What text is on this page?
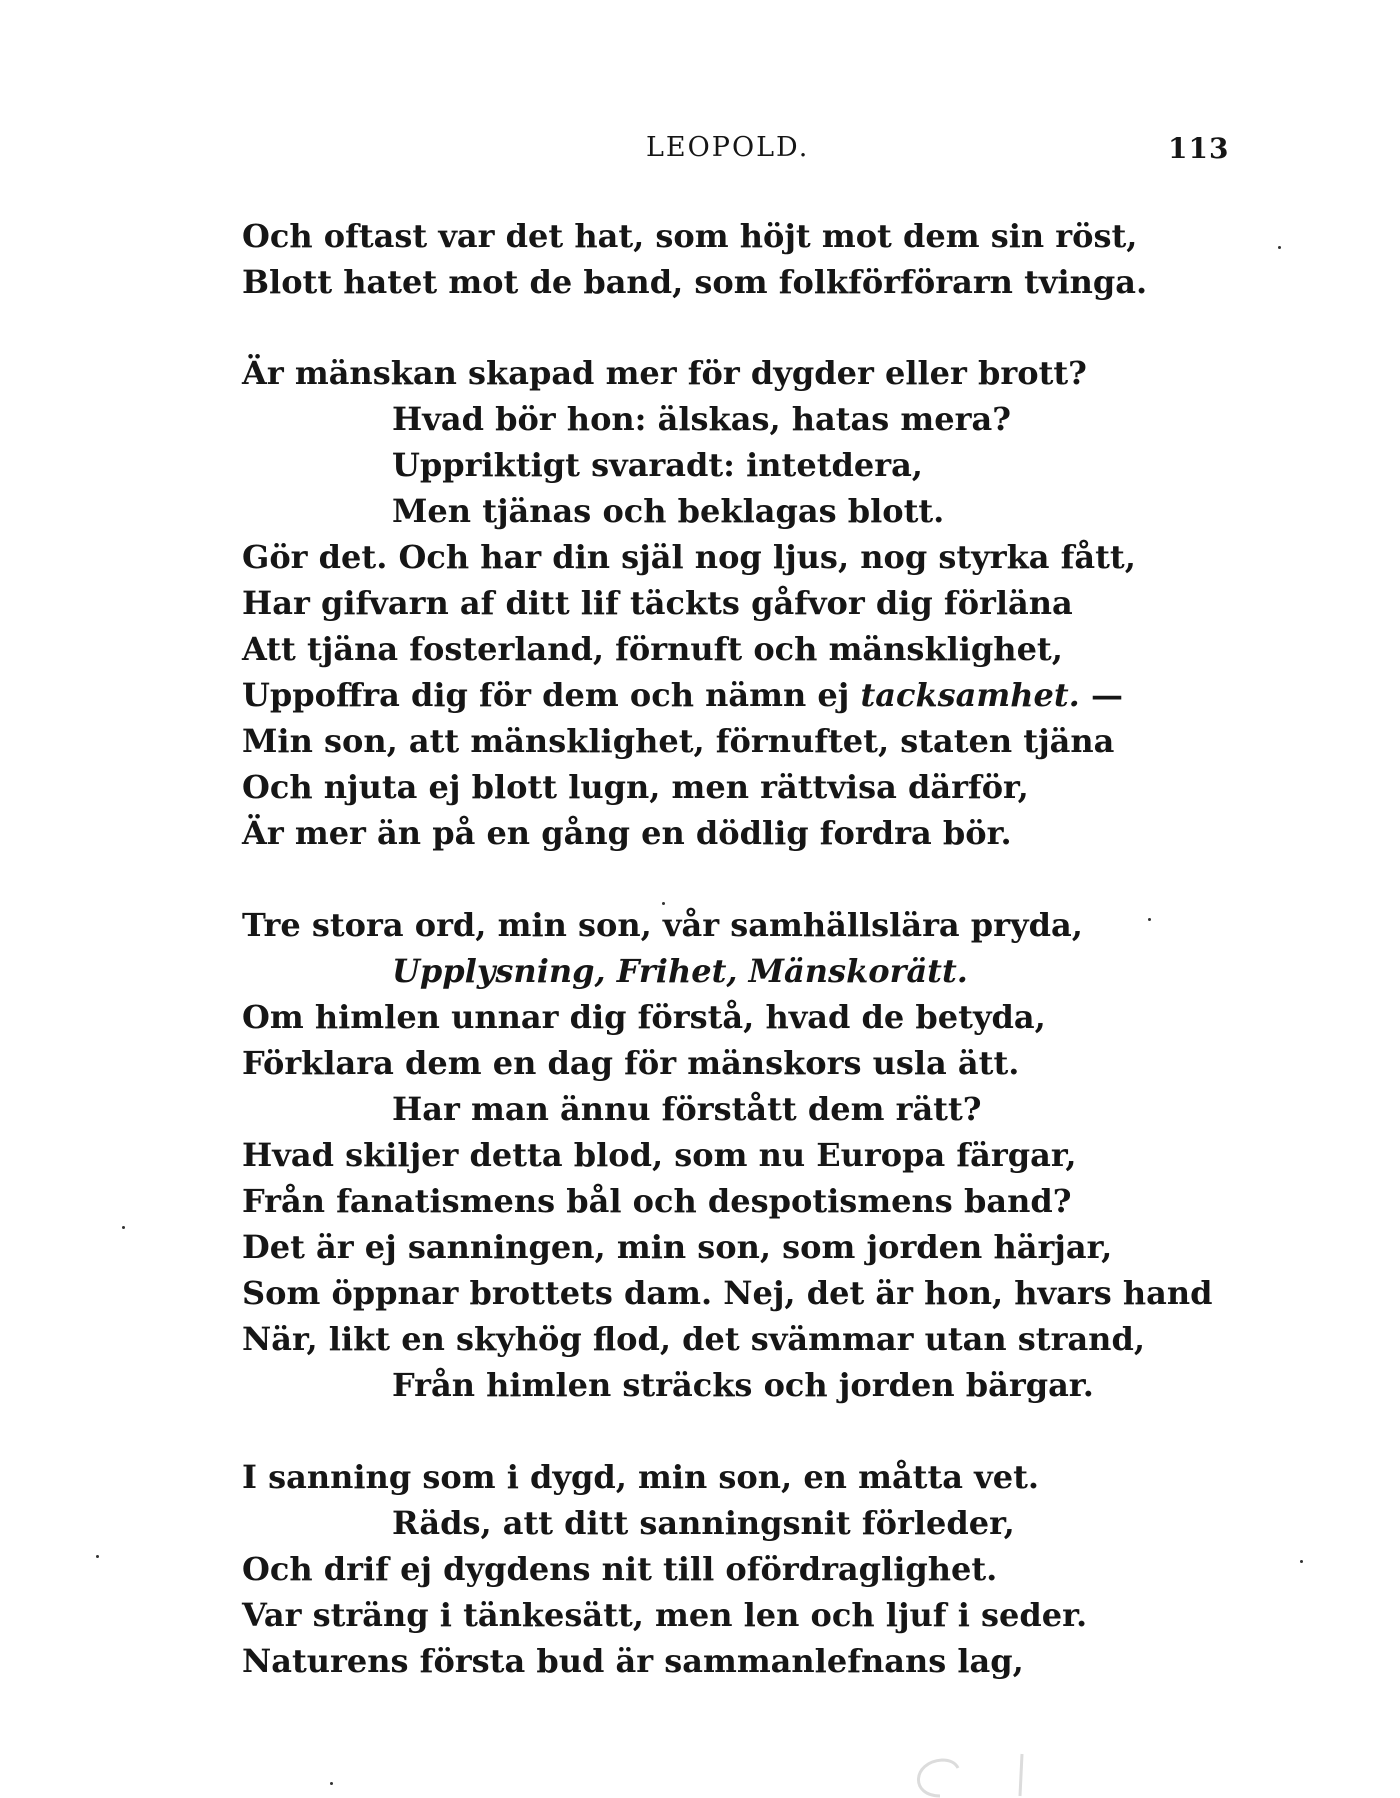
LEOPOLD.	113
Och oftast var det hat, som höjt mot dem sin röst,
Blott hatet mot de band, som folkförförarn tvinga.
Är mänskan skapad mer för dygder eller brott?
Hvad bör hon: älskas, hatas mera?
Uppriktigt svaradt: intetdera,
Men tjänas och beklagas blott.
Gör det. Och har din själ nog ljus, nog styrka fått,
Har gifvarn af ditt lif täckts gåfvor dig förläna
Att tjäna fosterland, förnuft och mänsklighet,
Uppoffra dig för dem och nämn ej tacksamhet. —
Min son, att mänsklighet, förnuftet, staten tjäna
Och njuta ej blott lugn, men rättvisa därför,
Är mer än på en gång en dödlig fordra bör.
Tre stora ord, min son, vår samhällslära pryda,
Upplysning, Frihet, Mänskorätt.
Om himlen unnar dig förstå, hvad de betyda,
Förklara dem en dag för mänskors usla ätt.
Har man ännu förstått dem rätt?
Hvad skiljer detta blod, som nu Europa färgar,
Från fanatismens bål och despotismens band?
Det är ej sanningen, min son, som jorden härjar,
Som öppnar brottets dam. Nej, det är hon, hvars hand
När, likt en skyhög flod, det svämmar utan strand,
Från himlen sträcks och jorden bärgar.
I sanning som i dygd, min son, en måtta vet.
Räds, att ditt sanningsnit förleder,
Och drif ej dygdens nit till ofördraglighet.
Var sträng i tänkesätt, men len och ljuf i seder.
Naturens första bud är sammanlefnans lag,
